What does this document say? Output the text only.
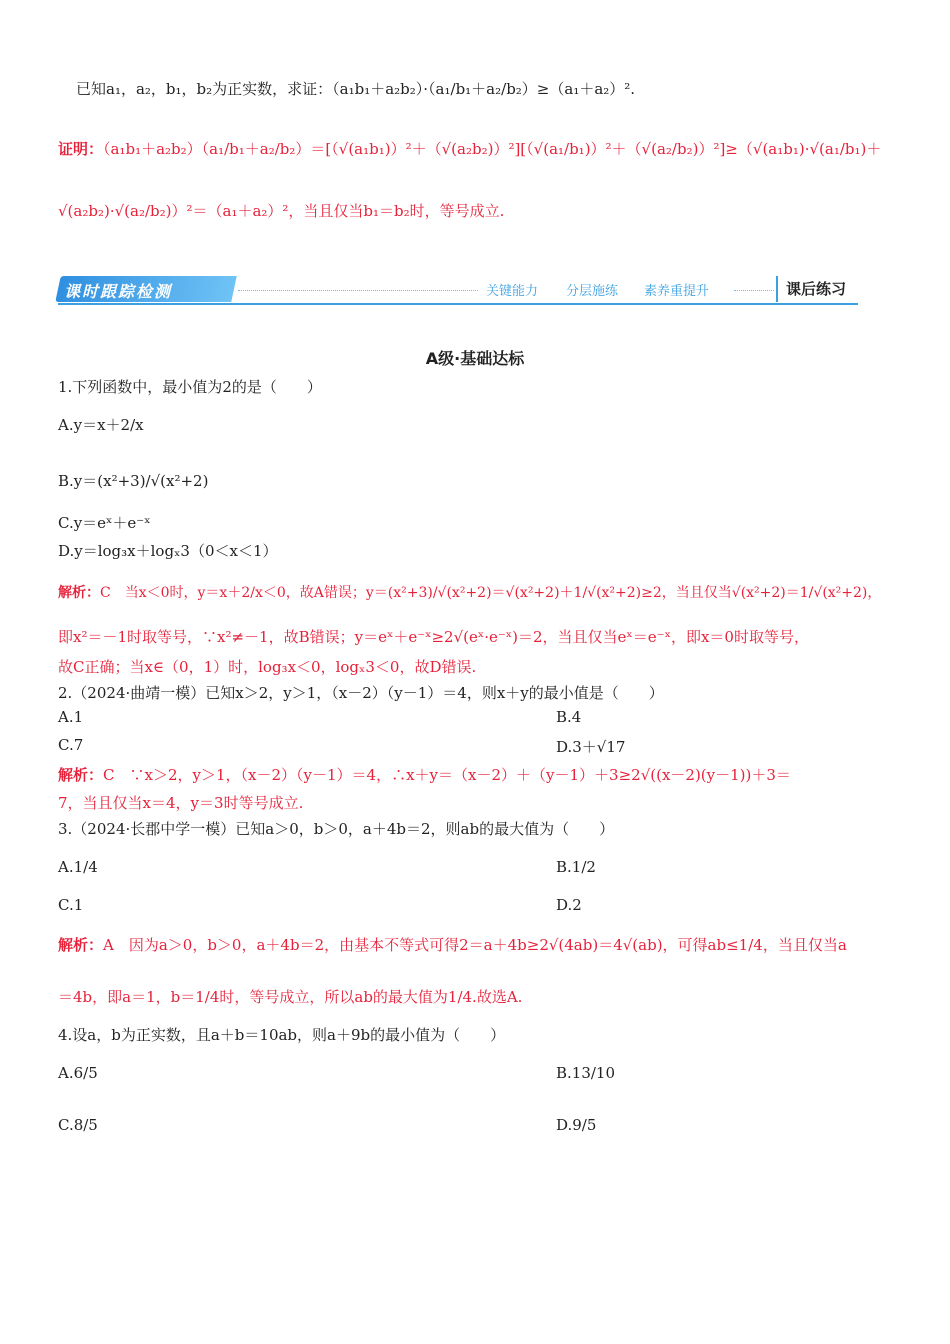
已知a₁，a₂，b₁，b₂为正实数，求证：（a₁b₁＋a₂b₂）·（a₁/b₁＋a₂/b₂）≥（a₁＋a₂）².
证明：（a₁b₁＋a₂b₂）（a₁/b₁＋a₂/b₂）＝[（√(a₁b₁)）²＋（√(a₂b₂)）²][（√(a₁/b₁)）²＋（√(a₂/b₂)）²]≥（√(a₁b₁)·√(a₁/b₁)＋
√(a₂b₂)·√(a₂/b₂)）²＝（a₁＋a₂）²，当且仅当b₁＝b₂时，等号成立.
课时跟踪检测	关键能力 分层施练 素养重提升	课后练习
A级·基础达标
1.下列函数中，最小值为2的是（　　）
A.y＝x＋2/x
B.y＝(x²+3)/√(x²+2)
C.y＝eˣ＋e⁻ˣ
D.y＝log₃x＋logₓ3（0＜x＜1）
解析：C　当x＜0时，y＝x＋2/x＜0，故A错误；y＝(x²+3)/√(x²+2)＝√(x²+2)＋1/√(x²+2)≥2，当且仅当√(x²+2)＝1/√(x²+2)，
即x²＝－1时取等号，∵x²≠－1，故B错误；y＝eˣ＋e⁻ˣ≥2√(eˣ·e⁻ˣ)＝2，当且仅当eˣ＝e⁻ˣ，即x＝0时取等号，
故C正确；当x∈（0，1）时，log₃x＜0，logₓ3＜0，故D错误.
2.（2024·曲靖一模）已知x＞2，y＞1，（x－2）（y－1）＝4，则x＋y的最小值是（　　）
A.1	B.4
C.7	D.3＋√17
解析：C　∵x＞2，y＞1，（x－2）（y－1）＝4，∴x＋y＝（x－2）＋（y－1）＋3≥2√((x－2)(y－1))＋3＝
7，当且仅当x＝4，y＝3时等号成立.
3.（2024·长郡中学一模）已知a＞0，b＞0，a＋4b＝2，则ab的最大值为（　　）
A.1/4	B.1/2
C.1	D.2
解析：A　因为a＞0，b＞0，a＋4b＝2，由基本不等式可得2＝a＋4b≥2√(4ab)＝4√(ab)，可得ab≤1/4，当且仅当a
＝4b，即a＝1，b＝1/4时，等号成立，所以ab的最大值为1/4.故选A.
4.设a，b为正实数，且a＋b＝10ab，则a＋9b的最小值为（　　）
A.6/5	B.13/10
C.8/5	D.9/5
